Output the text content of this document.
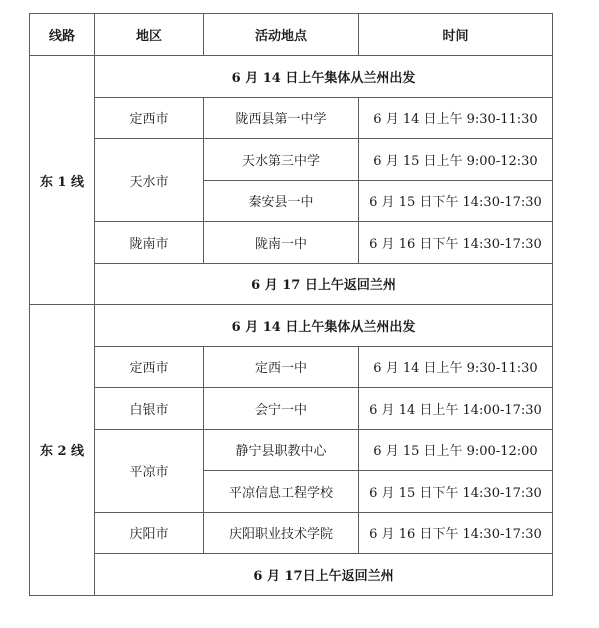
线路	地区	活动地点	时间
东 1 线	6 月 14 日上午集体从兰州出发		
	定西市	陇西县第一中学	6 月 14 日上午 9:30-11:30
	天水市	天水第三中学	6 月 15 日上午 9:00-12:30
		秦安县一中	6 月 15 日下午 14:30-17:30
	陇南市	陇南一中	6 月 16 日下午 14:30-17:30
	6 月 17 日上午返回兰州		
东 2 线	6 月 14 日上午集体从兰州出发		
	定西市	定西一中	6 月 14 日上午 9:30-11:30
	白银市	会宁一中	6 月 14 日上午 14:00-17:30
	平凉市	静宁县职教中心	6 月 15 日上午 9:00-12:00
		平凉信息工程学校	6 月 15 日下午 14:30-17:30
	庆阳市	庆阳职业技术学院	6 月 16 日下午 14:30-17:30
	6 月 17日上午返回兰州		
